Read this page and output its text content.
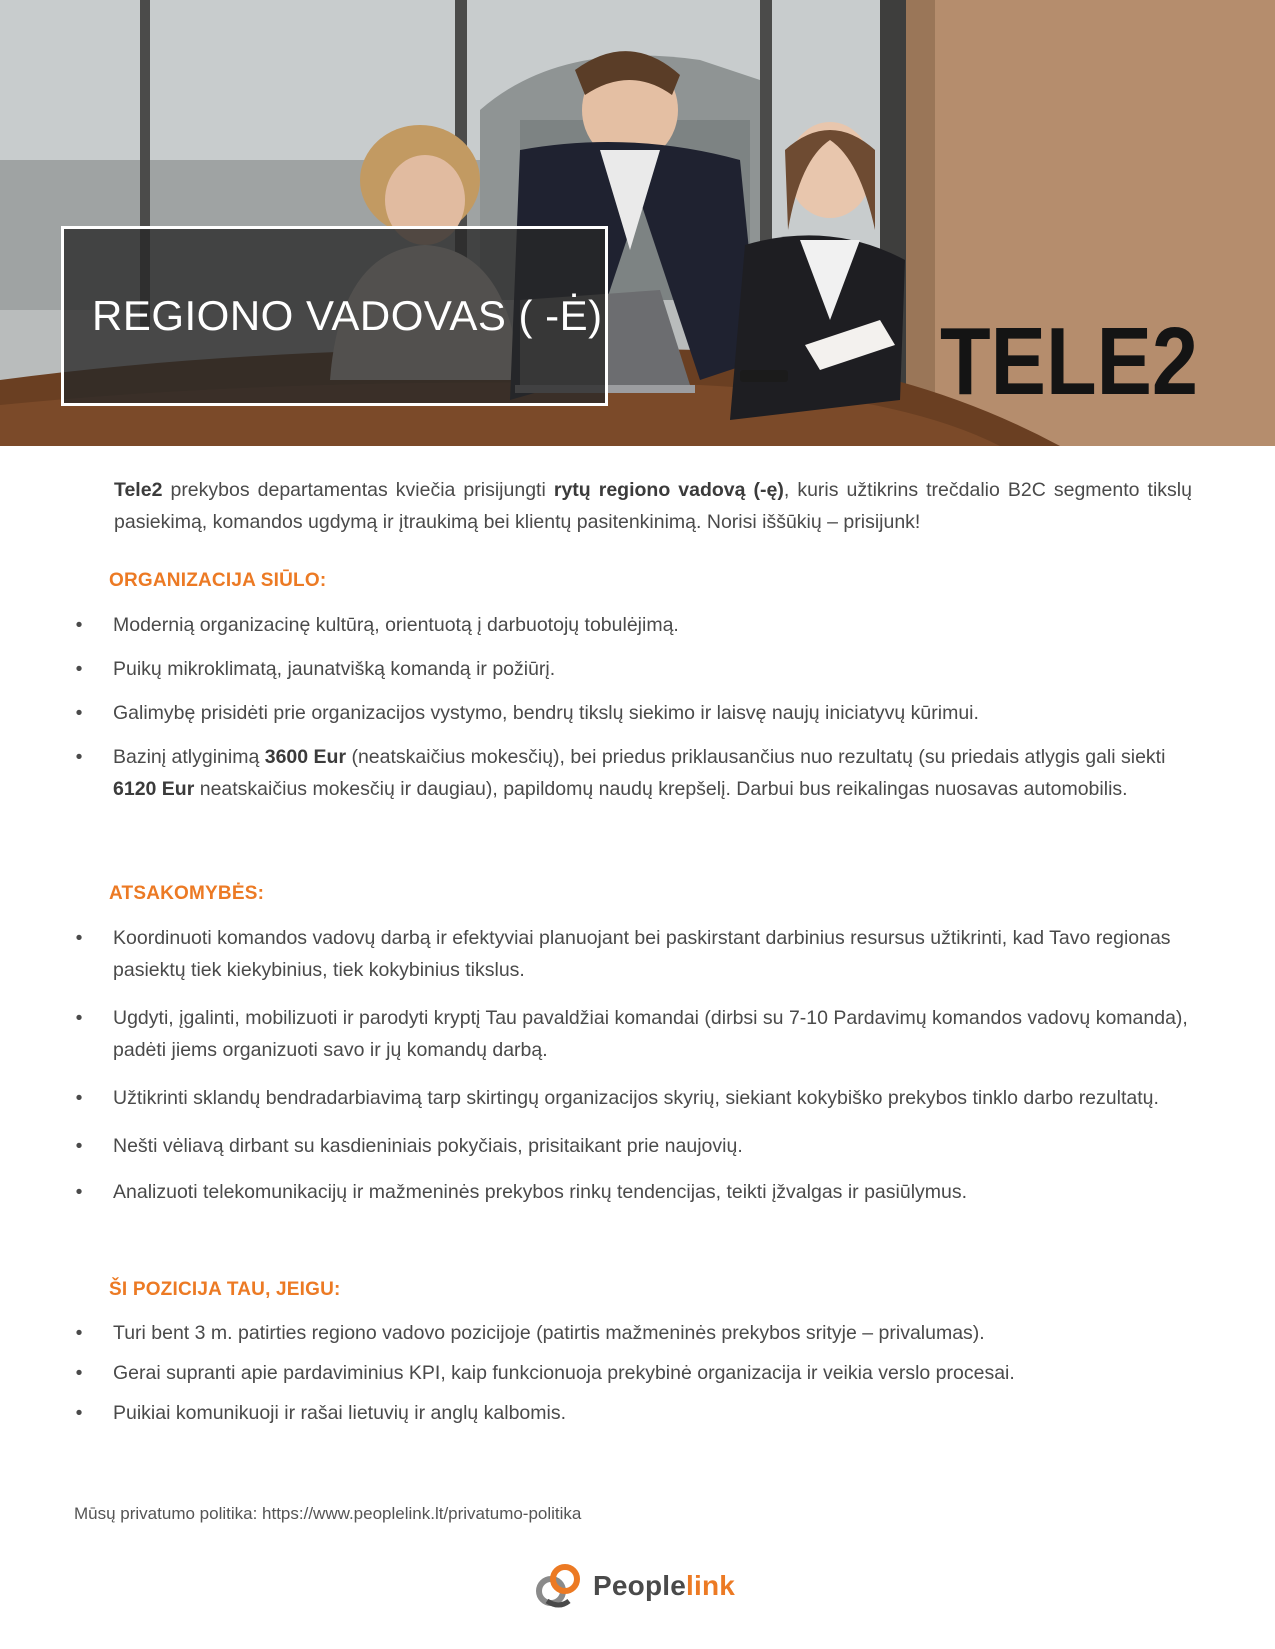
REGIONO VADOVAS ( -Ė)	TELE2

Tele2 prekybos departamentas kviečia prisijungti rytų regiono vadovą (-ę), kuris užtikrins trečdalio B2C segmento tikslų pasiekimą, komandos ugdymą ir įtraukimą bei klientų pasitenkinimą. Norisi iššūkių – prisijunk!

ORGANIZACIJA SIŪLO:
• Modernią organizacinę kultūrą, orientuotą į darbuotojų tobulėjimą.
• Puikų mikroklimatą, jaunatvišką komandą ir požiūrį.
• Galimybę prisidėti prie organizacijos vystymo, bendrų tikslų siekimo ir laisvę naujų iniciatyvų kūrimui.
• Bazinį atlyginimą 3600 Eur (neatskaičius mokesčių), bei priedus priklausančius nuo rezultatų (su priedais atlygis gali siekti 6120 Eur neatskaičius mokesčių ir daugiau), papildomų naudų krepšelį. Darbui bus reikalingas nuosavas automobilis.
ATSAKOMYBĖS:
• Koordinuoti komandos vadovų darbą ir efektyviai planuojant bei paskirstant darbinius resursus užtikrinti, kad Tavo regionas pasiektų tiek kiekybinius, tiek kokybinius tikslus.
• Ugdyti, įgalinti, mobilizuoti ir parodyti kryptį Tau pavaldžiai komandai (dirbsi su 7-10 Pardavimų komandos vadovų komanda), padėti jiems organizuoti savo ir jų komandų darbą.
• Užtikrinti sklandų bendradarbiavimą tarp skirtingų organizacijos skyrių, siekiant kokybiško prekybos tinklo darbo rezultatų.
• Nešti vėliavą dirbant su kasdieniniais pokyčiais, prisitaikant prie naujovių.
• Analizuoti telekomunikacijų ir mažmeninės prekybos rinkų tendencijas, teikti įžvalgas ir pasiūlymus.
ŠI POZICIJA TAU, JEIGU:
• Turi bent 3 m. patirties regiono vadovo pozicijoje (patirtis mažmeninės prekybos srityje – privalumas).
• Gerai supranti apie pardaviminius KPI, kaip funkcionuoja prekybinė organizacija ir veikia verslo procesai.
• Puikiai komunikuoji ir rašai lietuvių ir anglų kalbomis.
Mūsų privatumo politika: https://www.peoplelink.lt/privatumo-politika
Peoplelink
